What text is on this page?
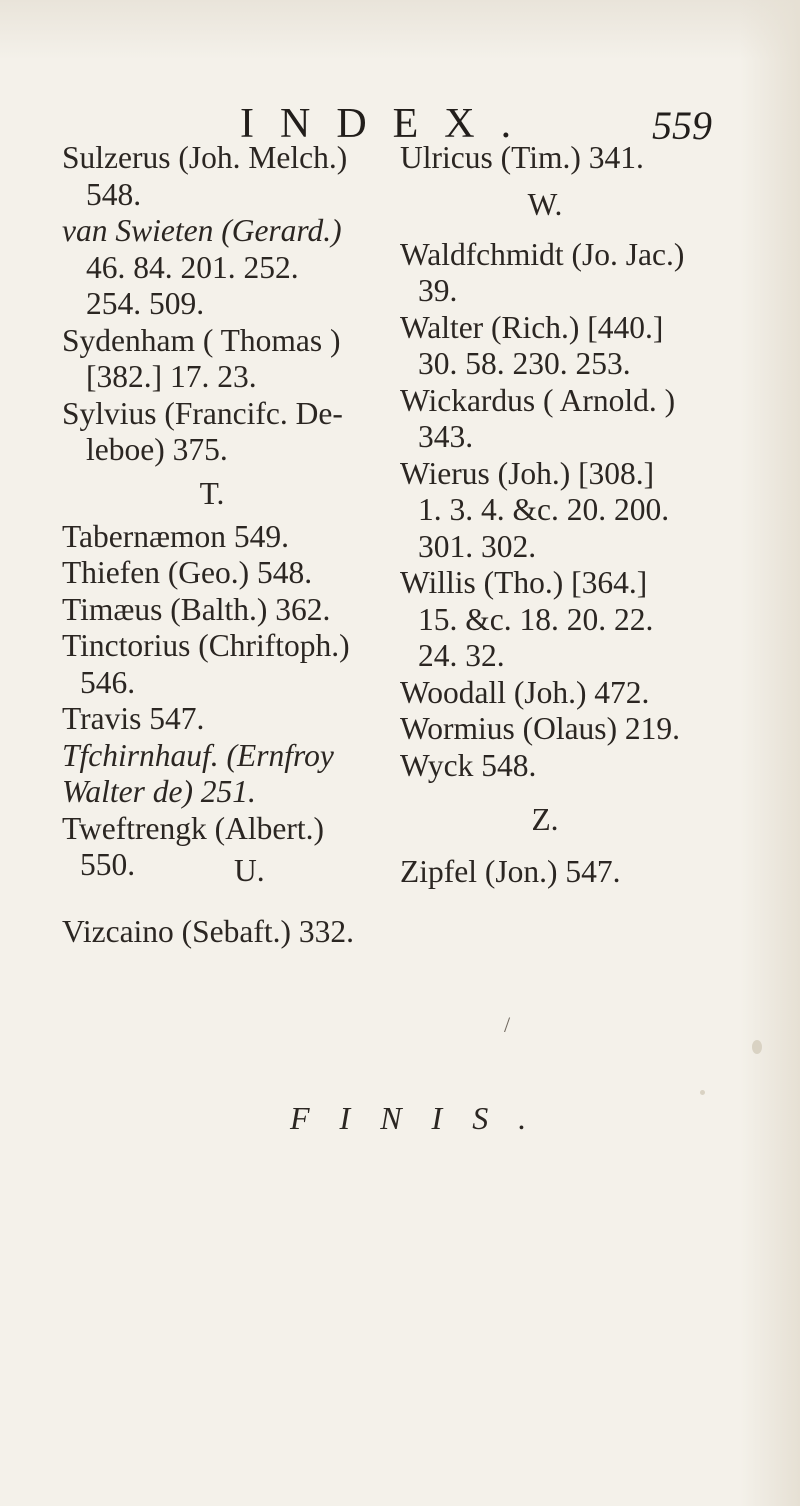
INDEX.	559
Sulzerus (Joh. Melch.)
548.
van Swieten (Gerard.)
46. 84. 201. 252.
254. 509.
Sydenham ( Thomas )
[382.] 17. 23.
Sylvius (Francifc. De-
leboe) 375.
T.
Tabernæmon 549.
Thiefen (Geo.) 548.
Timæus (Balth.) 362.
Tinctorius (Chriftoph.)
546.
Travis 547.
Tfchirnhauf. (Ernfroy
Walter de) 251.
Tweftrengk (Albert.)
550.	U.
Vizcaino (Sebaft.) 332.
Ulricus (Tim.) 341.
W.
Waldfchmidt (Jo. Jac.)
39.
Walter (Rich.) [440.]
30. 58. 230. 253.
Wickardus ( Arnold. )
343.
Wierus (Joh.) [308.]
1. 3. 4. &c. 20. 200.
301. 302.
Willis (Tho.) [364.]
15. &c. 18. 20. 22.
24. 32.
Woodall (Joh.) 472.
Wormius (Olaus) 219.
Wyck 548.
Z.
Zipfel (Jon.) 547.
/
FINIS.
